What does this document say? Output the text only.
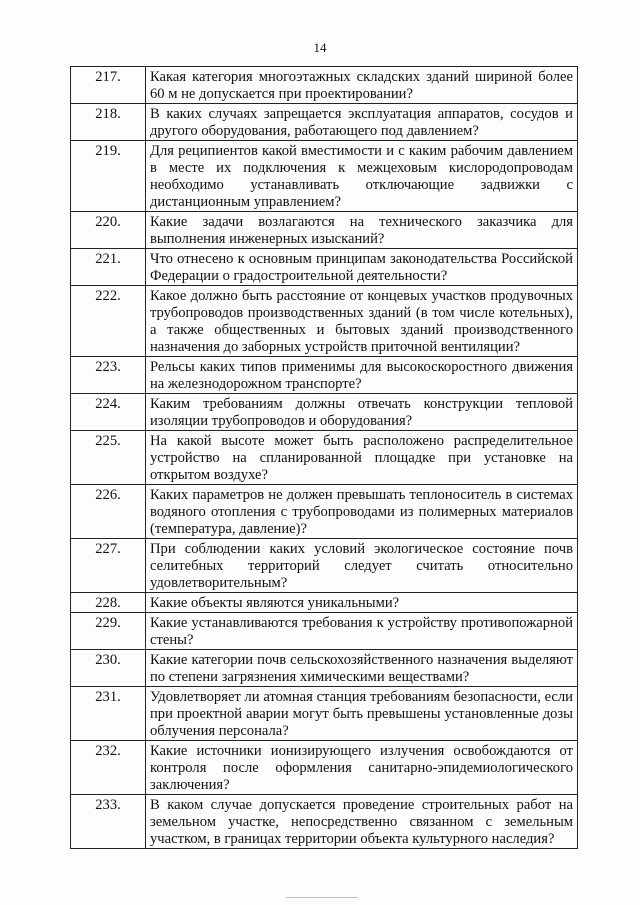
14
217.	Какая категория многоэтажных складских зданий шириной более 60 м не допускается при проектировании?
218.	В каких случаях запрещается эксплуатация аппаратов, сосудов и другого оборудования, работающего под давлением?
219.	Для реципиентов какой вместимости и с каким рабочим давлением в месте их подключения к межцеховым кислородопроводам необходимо устанавливать отключающие задвижки с дистанционным управлением?
220.	Какие задачи возлагаются на технического заказчика для выполнения инженерных изысканий?
221.	Что отнесено к основным принципам законодательства Российской Федерации о градостроительной деятельности?
222.	Какое должно быть расстояние от концевых участков продувочных трубопроводов производственных зданий (в том числе котельных), а также общественных и бытовых зданий производственного назначения до заборных устройств приточной вентиляции?
223.	Рельсы каких типов применимы для высокоскоростного движения на железнодорожном транспорте?
224.	Каким требованиям должны отвечать конструкции тепловой изоляции трубопроводов и оборудования?
225.	На какой высоте может быть расположено распределительное устройство на спланированной площадке при установке на открытом воздухе?
226.	Каких параметров не должен превышать теплоноситель в системах водяного отопления с трубопроводами из полимерных материалов (температура, давление)?
227.	При соблюдении каких условий экологическое состояние почв селитебных территорий следует считать относительно удовлетворительным?
228.	Какие объекты являются уникальными?
229.	Какие устанавливаются требования к устройству противопожарной стены?
230.	Какие категории почв сельскохозяйственного назначения выделяют по степени загрязнения химическими веществами?
231.	Удовлетворяет ли атомная станция требованиям безопасности, если при проектной аварии могут быть превышены установленные дозы облучения персонала?
232.	Какие источники ионизирующего излучения освобождаются от контроля после оформления санитарно-эпидемиологического заключения?
233.	В каком случае допускается проведение строительных работ на земельном участке, непосредственно связанном с земельным участком, в границах территории объекта культурного наследия?
